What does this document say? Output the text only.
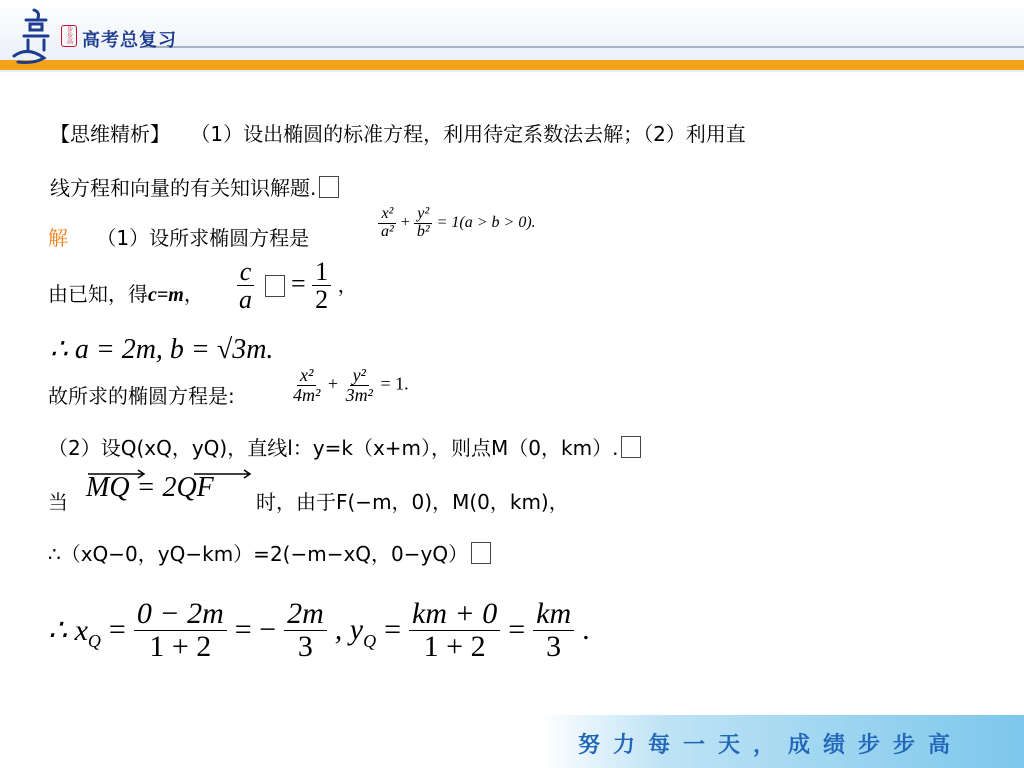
步步高 高考总复习
【思维精析】 （1）设出椭圆的标准方程，利用待定系数法去解；（2）利用直
线方程和向量的有关知识解题.
解 （1）设所求椭圆方程是	$\frac{\text{x²}}{\text{a²}} + \frac{\text{y²}}{\text{b²}} = 1(a > b > 0)$.
由已知，得c=m， $\frac{c}{a} = \frac{1}{2}$ ，
∴ a = 2m, b = √3m.
故所求的椭圆方程是:	$\frac{\text{x²}}{\text{4m²}} + \frac{\text{y²}}{\text{3m²}} = 1$.
（2）设Q(xQ，yQ)，直线l：y=k（x+m），则点M（0，km）.
当 MQ = 2QF 时，由于F(−m，0)，M(0，km)，
∴（xQ−0，yQ−km）=2(−m−xQ，0−yQ）
∴ $x_Q = \frac{0 - 2m}{1 + 2}$ = − $\frac{2m}{3}$ , $y_Q = \frac{km + 0}{1 + 2} = \frac{km}{3}$ .
努力每一天，成绩步步高
